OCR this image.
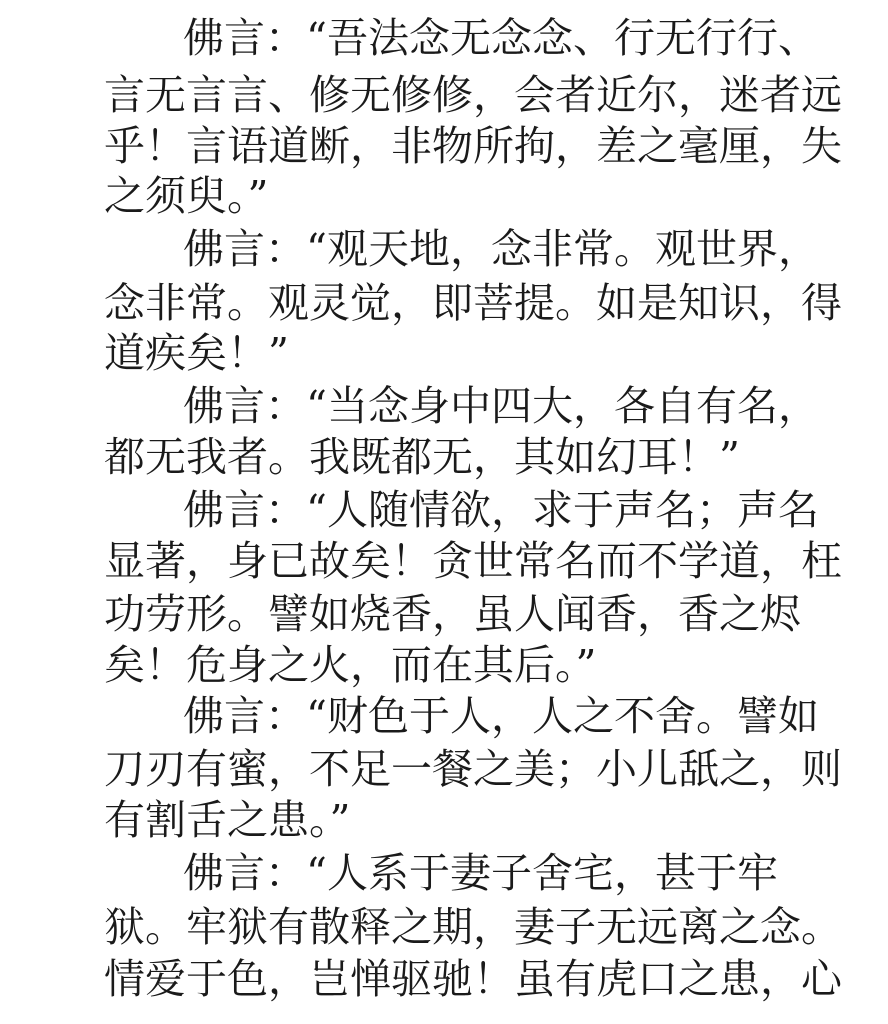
佛言：“吾法念无念念、行无行行、
言无言言、修无修修，会者近尔，迷者远
乎！言语道断，非物所拘，差之毫厘，失
之须臾。”
佛言：“观天地，念非常。观世界，
念非常。观灵觉，即菩提。如是知识，得
道疾矣！”
佛言：“当念身中四大，各自有名，
都无我者。我既都无，其如幻耳！”
佛言：“人随情欲，求于声名；声名
显著，身已故矣！贪世常名而不学道，枉
功劳形。譬如烧香，虽人闻香，香之烬
矣！危身之火，而在其后。”
佛言：“财色于人，人之不舍。譬如
刀刃有蜜，不足一餐之美；小儿舐之，则
有割舌之患。”
佛言：“人系于妻子舍宅，甚于牢
狱。牢狱有散释之期，妻子无远离之念。
情爱于色，岂惮驱驰！虽有虎口之患，心
